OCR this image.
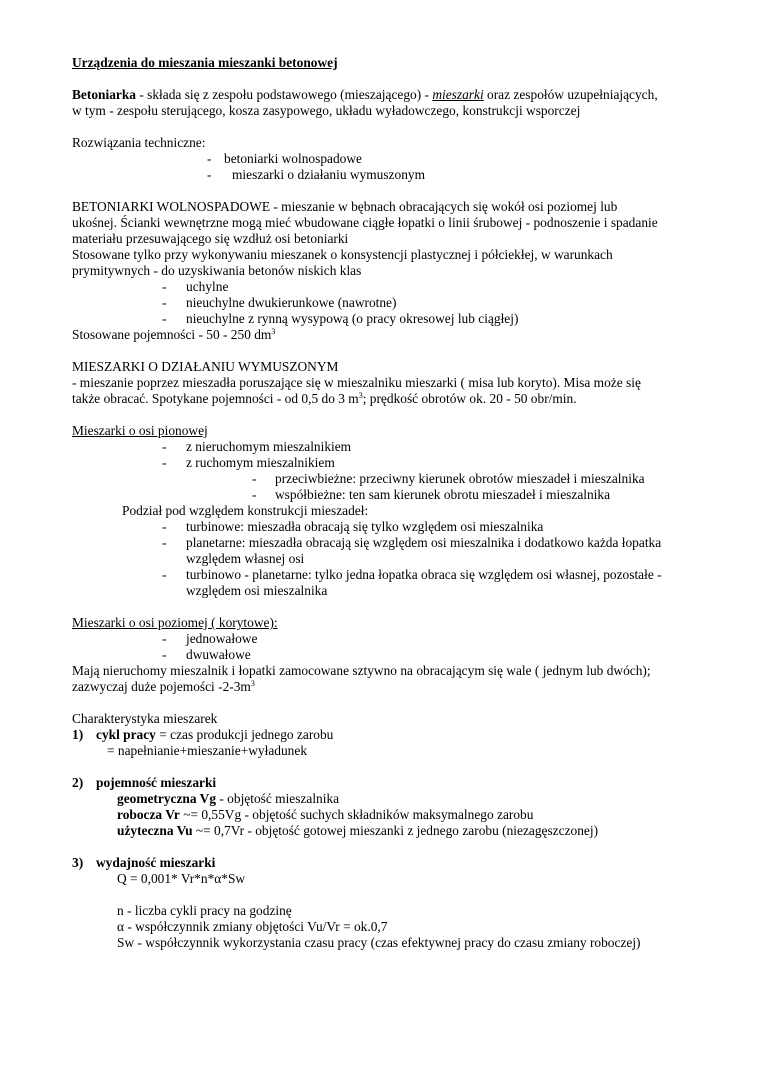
Urządzenia do mieszania mieszanki betonowej
Betoniarka - składa się z zespołu podstawowego (mieszającego) - mieszarki oraz zespołów uzupełniających,
w tym - zespołu sterującego, kosza zasypowego, układu wyładowczego, konstrukcji wsporczej
Rozwiązania techniczne:
- betoniarki wolnospadowe
- mieszarki o działaniu wymuszonym
BETONIARKI WOLNOSPADOWE - mieszanie w bębnach obracających się wokół osi poziomej lub
ukośnej. Ścianki wewnętrzne mogą mieć wbudowane ciągłe łopatki o linii śrubowej - podnoszenie i spadanie
materiału przesuwającego się wzdłuż osi betoniarki
Stosowane tylko przy wykonywaniu mieszanek o konsystencji plastycznej i półciekłej, w warunkach
prymitywnych - do uzyskiwania betonów niskich klas
- uchylne
- nieuchylne dwukierunkowe (nawrotne)
- nieuchylne z rynną wysypową (o pracy okresowej lub ciągłej)
Stosowane pojemności - 50 - 250 $dm^3$
MIESZARKI O DZIAŁANIU WYMUSZONYM
- mieszanie poprzez mieszadła poruszające się w mieszalniku mieszarki ( misa lub koryto). Misa może się
także obracać. Spotykane pojemności - od 0,5 do 3 $m^3$; prędkość obrotów ok. 20 - 50 obr/min.
Mieszarki o osi pionowej
- z nieruchomym mieszalnikiem
- z ruchomym mieszalnikiem
- przeciwbieżne: przeciwny kierunek obrotów mieszadeł i mieszalnika
- współbieżne: ten sam kierunek obrotu mieszadeł i mieszalnika
Podział pod względem konstrukcji mieszadeł:
- turbinowe: mieszadła obracają się tylko względem osi mieszalnika
- planetarne: mieszadła obracają się względem osi mieszalnika i dodatkowo każda łopatka
względem własnej osi
- turbinowo - planetarne: tylko jedna łopatka obraca się względem osi własnej, pozostałe -
względem osi mieszalnika
Mieszarki o osi poziomej ( korytowe):
- jednowałowe
- dwuwałowe
Mają nieruchomy mieszalnik i łopatki zamocowane sztywno na obracającym się wale ( jednym lub dwóch);
zazwyczaj duże pojemości $-2-3m^3$
Charakterystyka mieszarek
1) cykl pracy = czas produkcji jednego zarobu
= napełnianie+mieszanie+wyładunek
2) pojemność mieszarki
geometryczna Vg - objętość mieszalnika
robocza Vr ~= 0,55Vg - objętość suchych składników maksymalnego zarobu
użyteczna Vu ~= 0,7Vr - objętość gotowej mieszanki z jednego zarobu (niezagęszczonej)
3) wydajność mieszarki
Q = 0,001* Vr*n*α*Sw
n - liczba cykli pracy na godzinę
α - współczynnik zmiany objętości Vu/Vr = ok.0,7
Sw - współczynnik wykorzystania czasu pracy (czas efektywnej pracy do czasu zmiany roboczej)
